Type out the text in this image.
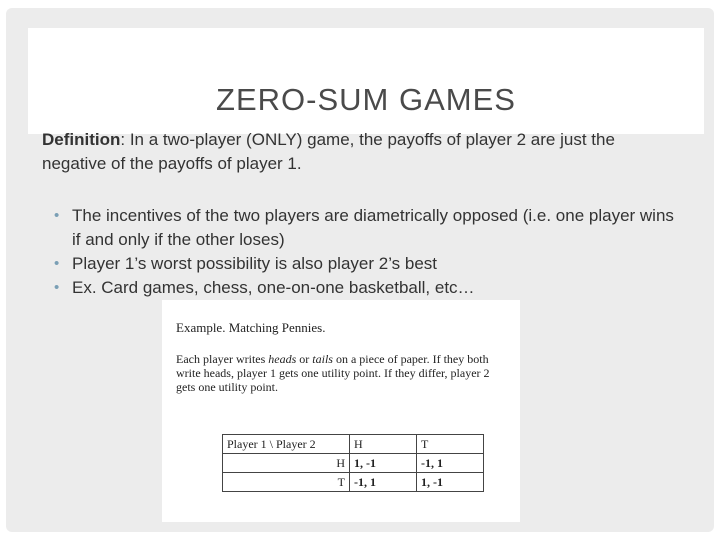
ZERO-SUM GAMES
Definition: In a two-player (ONLY) game, the payoffs of player 2 are just the negative of the payoffs of player 1.
• The incentives of the two players are diametrically opposed (i.e. one player wins if and only if the other loses)
• Player 1’s worst possibility is also player 2’s best
• Ex. Card games, chess, one-on-one basketball, etc…
Example. Matching Pennies.
Each player writes heads or tails on a piece of paper. If they both write heads, player 1 gets one utility point. If they differ, player 2 gets one utility point.
Player 1 \ Player 2	H	T
H	1, -1	-1, 1
T	-1, 1	1, -1
